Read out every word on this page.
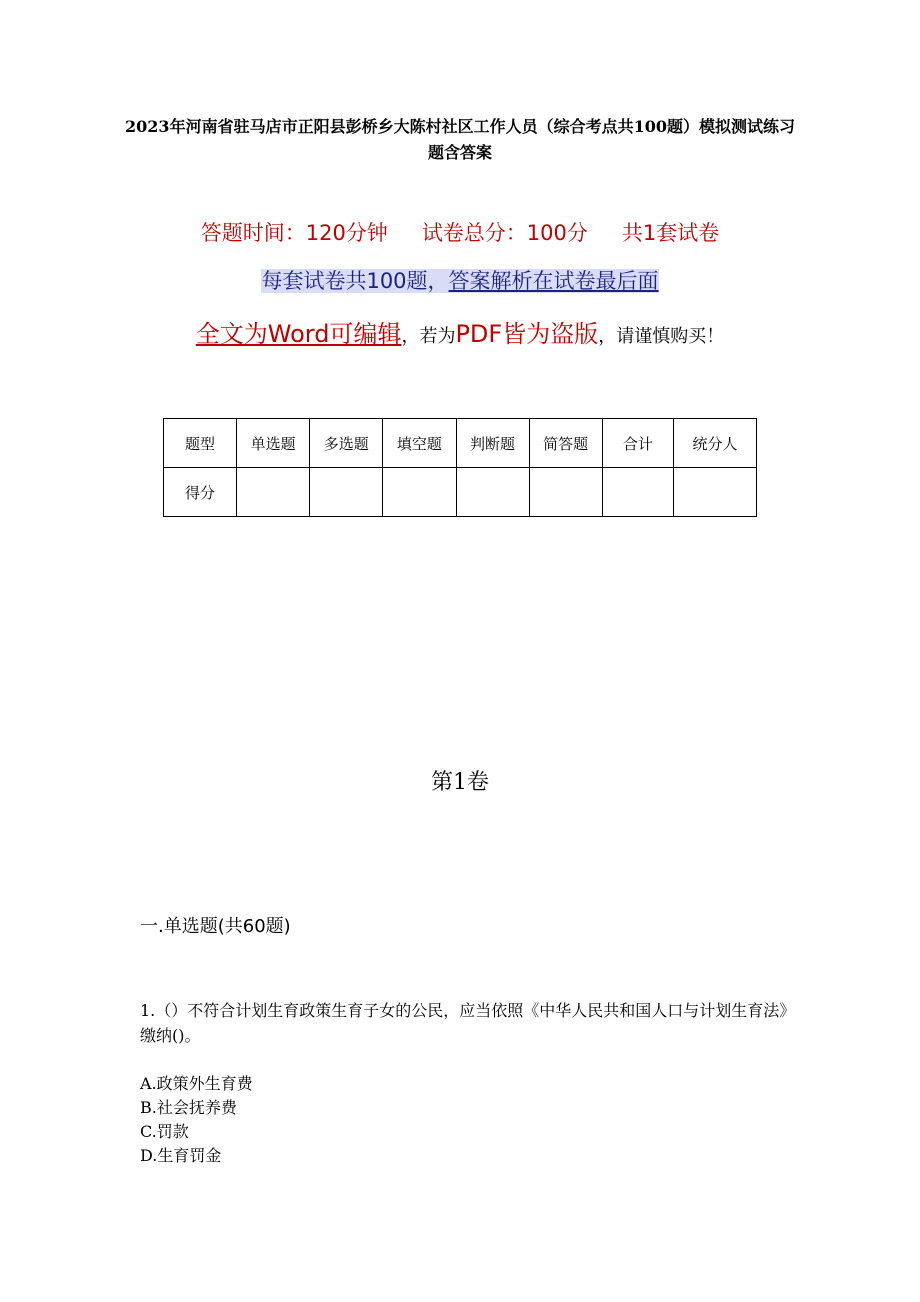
2023年河南省驻马店市正阳县彭桥乡大陈村社区工作人员（综合考点共100题）模拟测试练习题含答案
答题时间：120分钟 试卷总分：100分 共1套试卷
每套试卷共100题，答案解析在试卷最后面
全文为Word可编辑，若为PDF皆为盗版，请谨慎购买！
题型	单选题	多选题	填空题	判断题	简答题	合计	统分人
得分							
第1卷
一.单选题(共60题)
1.（）不符合计划生育政策生育子女的公民，应当依照《中华人民共和国人口与计划生育法》缴纳()。
A.政策外生育费
B.社会抚养费
C.罚款
D.生育罚金
